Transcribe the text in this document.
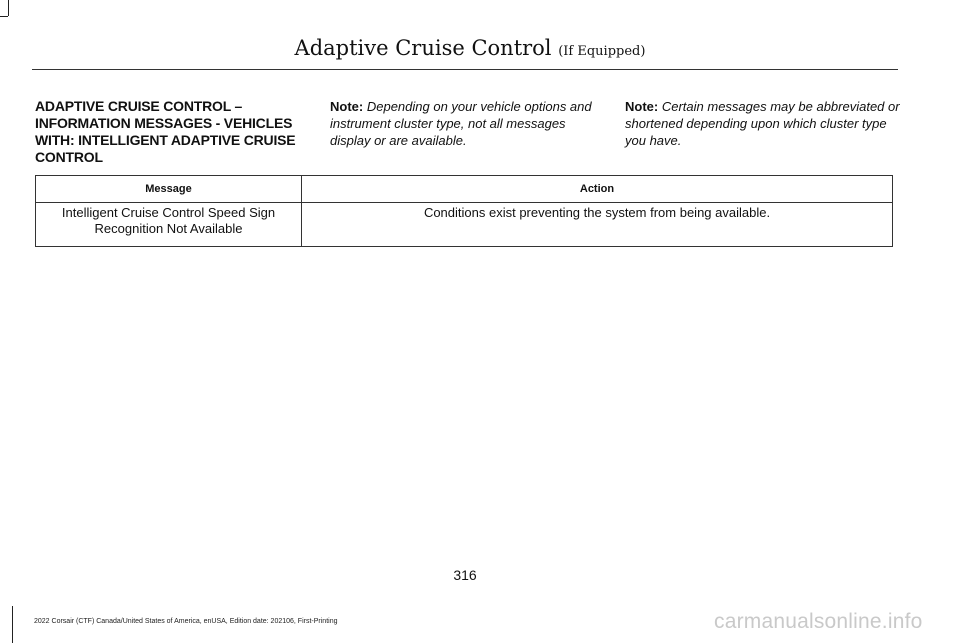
Adaptive Cruise Control (If Equipped)
ADAPTIVE CRUISE CONTROL – INFORMATION MESSAGES - VEHICLES WITH: INTELLIGENT ADAPTIVE CRUISE CONTROL
Note: Depending on your vehicle options and instrument cluster type, not all messages display or are available.
Note: Certain messages may be abbreviated or shortened depending upon which cluster type you have.
Message	Action
Intelligent Cruise Control Speed Sign Recognition Not Available	Conditions exist preventing the system from being available.
316
2022 Corsair (CTF) Canada/United States of America, enUSA, Edition date: 202106, First-Printing	carmanualsonline.info
